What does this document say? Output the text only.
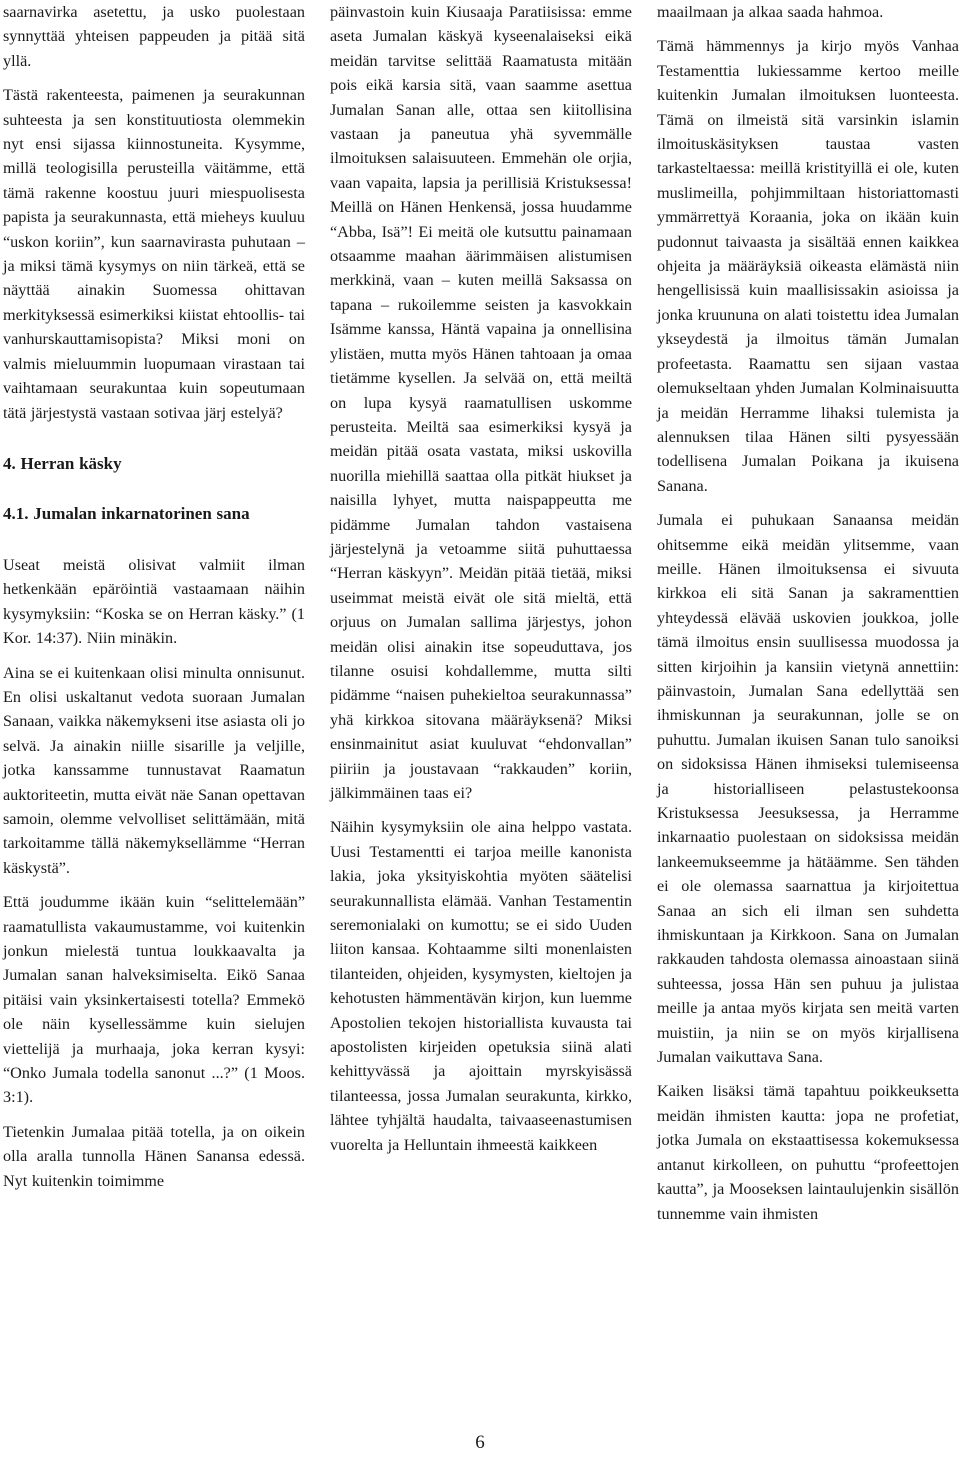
saarnavirka asetettu, ja usko puolestaan synnyttää yhteisen pappeuden ja pitää sitä yllä.

Tästä rakenteesta, paimenen ja seurakunnan suhteesta ja sen konstituutiosta olemmekin nyt ensi sijassa kiinnostuneita. Kysymme, millä teologisilla perusteilla väitämme, että tämä rakenne koostuu juuri miespuolisesta papista ja seurakunnasta, että mieheys kuuluu “uskon koriin”, kun saarnavirasta puhutaan – ja miksi tämä kysymys on niin tärkeä, että se näyttää ainakin Suomessa ohittavan merkityksessä esimerkiksi kiistat ehtoollis- tai vanhurskauttamisopista? Miksi moni on valmis mieluummin luopumaan virastaan tai vaihtamaan seurakuntaa kuin sopeutumaan tätä järjestystä vastaan sotivaa järj estelyä?

4. Herran käsky
4.1. Jumalan inkarnatorinen sana

Useat meistä olisivat valmiit ilman hetkenkään epäröintiä vastaamaan näihin kysymyksiin: “Koska se on Herran käsky.” (1 Kor. 14:37). Niin minäkin.

Aina se ei kuitenkaan olisi minulta onnisunut. En olisi uskaltanut vedota suoraan Jumalan Sanaan, vaikka näkemykseni itse asiasta oli jo selvä. Ja ainakin niille sisarille ja veljille, jotka kanssamme tunnustavat Raamatun auktoriteetin, mutta eivät näe Sanan opettavan samoin, olemme velvolliset selittämään, mitä tarkoitamme tällä näkemyksellämme “Herran käskystä”.

Että joudumme ikään kuin “selittelemään” raamatullista vakaumustamme, voi kuitenkin jonkun mielestä tuntua loukkaavalta ja Jumalan sanan halveksimiselta. Eikö Sanaa pitäisi vain yksinkertaisesti totella? Emmekö ole näin kysellessämme kuin sielujen viettelijä ja murhaaja, joka kerran kysyi: “Onko Jumala todella sanonut ...?” (1 Moos. 3:1).

Tietenkin Jumalaa pitää totella, ja on oikein olla aralla tunnolla Hänen Sanansa edessä. Nyt kuitenkin toimimme

päinvastoin kuin Kiusaaja Paratiisissa: emme aseta Jumalan käskyä kyseenalaiseksi eikä meidän tarvitse selittää Raamatusta mitään pois eikä karsia sitä, vaan saamme asettua Jumalan Sanan alle, ottaa sen kiitollisina vastaan ja paneutua yhä syvemmälle ilmoituksen salaisuuteen. Emmehän ole orjia, vaan vapaita, lapsia ja perillisiä Kristuksessa! Meillä on Hänen Henkensä, jossa huudamme “Abba, Isä”! Ei meitä ole kutsuttu painamaan otsaamme maahan äärimmäisen alistumisen merkkinä, vaan – kuten meillä Saksassa on tapana – rukoilemme seisten ja kasvokkain Isämme kanssa, Häntä vapaina ja onnellisina ylistäen, mutta myös Hänen tahtoaan ja omaa tietämme kysellen. Ja selvää on, että meiltä on lupa kysyä raamatullisen uskomme perusteita. Meiltä saa esimerkiksi kysyä ja meidän pitää osata vastata, miksi uskovilla nuorilla miehillä saattaa olla pitkät hiukset ja naisilla lyhyet, mutta naispappeutta me pidämme Jumalan tahdon vastaisena järjestelynä ja vetoamme siitä puhuttaessa “Herran käskyyn”. Meidän pitää tietää, miksi useimmat meistä eivät ole sitä mieltä, että orjuus on Jumalan sallima järjestys, johon meidän olisi ainakin itse sopeuduttava, jos tilanne osuisi kohdallemme, mutta silti pidämme “naisen puhekieltoa seurakunnassa” yhä kirkkoa sitovana määräyksenä? Miksi ensinmainitut asiat kuuluvat “ehdonvallan” piiriin ja joustavaan “rakkauden” koriin, jälkimmäinen taas ei?

Näihin kysymyksiin ole aina helppo vastata. Uusi Testamentti ei tarjoa meille kanonista lakia, joka yksityiskohtia myöten säätelisi seurakunnallista elämää. Vanhan Testamentin seremonialaki on kumottu; se ei sido Uuden liiton kansaa. Kohtaamme silti monenlaisten tilanteiden, ohjeiden, kysymysten, kieltojen ja kehotusten hämmentävän kirjon, kun luemme Apostolien tekojen historiallista kuvausta tai apostolisten kirjeiden opetuksia siinä alati kehittyvässä ja ajoittain myrskyisässä tilanteessa, jossa Jumalan seurakunta, kirkko, lähtee tyhjältä haudalta, taivaaseenastumisen vuorelta ja Helluntain ihmeestä kaikkeen

maailmaan ja alkaa saada hahmoa.

Tämä hämmennys ja kirjo myös Vanhaa Testamenttia lukiessamme kertoo meille kuitenkin Jumalan ilmoituksen luonteesta. Tämä on ilmeistä sitä varsinkin islamin ilmoituskäsityksen taustaa vasten tarkasteltaessa: meillä kristityillä ei ole, kuten muslimeilla, pohjimmiltaan historiattomasti ymmärrettyä Koraania, joka on ikään kuin pudonnut taivaasta ja sisältää ennen kaikkea ohjeita ja määräyksiä oikeasta elämästä niin hengellisissä kuin maallisissakin asioissa ja jonka kruununa on alati toistettu idea Jumalan ykseydestä ja ilmoitus tämän Jumalan profeetasta. Raamattu sen sijaan vastaa olemukseltaan yhden Jumalan Kolminaisuutta ja meidän Herramme lihaksi tulemista ja alennuksen tilaa Hänen silti pysyessään todellisena Jumalan Poikana ja ikuisena Sanana.

Jumala ei puhukaan Sanaansa meidän ohitsemme eikä meidän ylitsemme, vaan meille. Hänen ilmoituksensa ei sivuuta kirkkoa eli sitä Sanan ja sakramenttien yhteydessä elävää uskovien joukkoa, jolle tämä ilmoitus ensin suullisessa muodossa ja sitten kirjoihin ja kansiin vietynä annettiin: päinvastoin, Jumalan Sana edellyttää sen ihmiskunnan ja seurakunnan, jolle se on puhuttu. Jumalan ikuisen Sanan tulo sanoiksi on sidoksissa Hänen ihmiseksi tulemiseensa ja historialliseen pelastustekoonsa Kristuksessa Jeesuksessa, ja Herramme inkarnaatio puolestaan on sidoksissa meidän lankeemukseemme ja hätäämme. Sen tähden ei ole olemassa saarnattua ja kirjoitettua Sanaa an sich eli ilman sen suhdetta ihmiskuntaan ja Kirkkoon. Sana on Jumalan rakkauden tahdosta olemassa ainoastaan siinä suhteessa, jossa Hän sen puhuu ja julistaa meille ja antaa myös kirjata sen meitä varten muistiin, ja niin se on myös kirjallisena Jumalan vaikuttava Sana.

Kaiken lisäksi tämä tapahtuu poikkeuksetta meidän ihmisten kautta: jopa ne profetiat, jotka Jumala on ekstaattisessa kokemuksessa antanut kirkolleen, on puhuttu “profeettojen kautta”, ja Mooseksen laintaulujenkin sisällön tunnemme vain ihmisten

6
